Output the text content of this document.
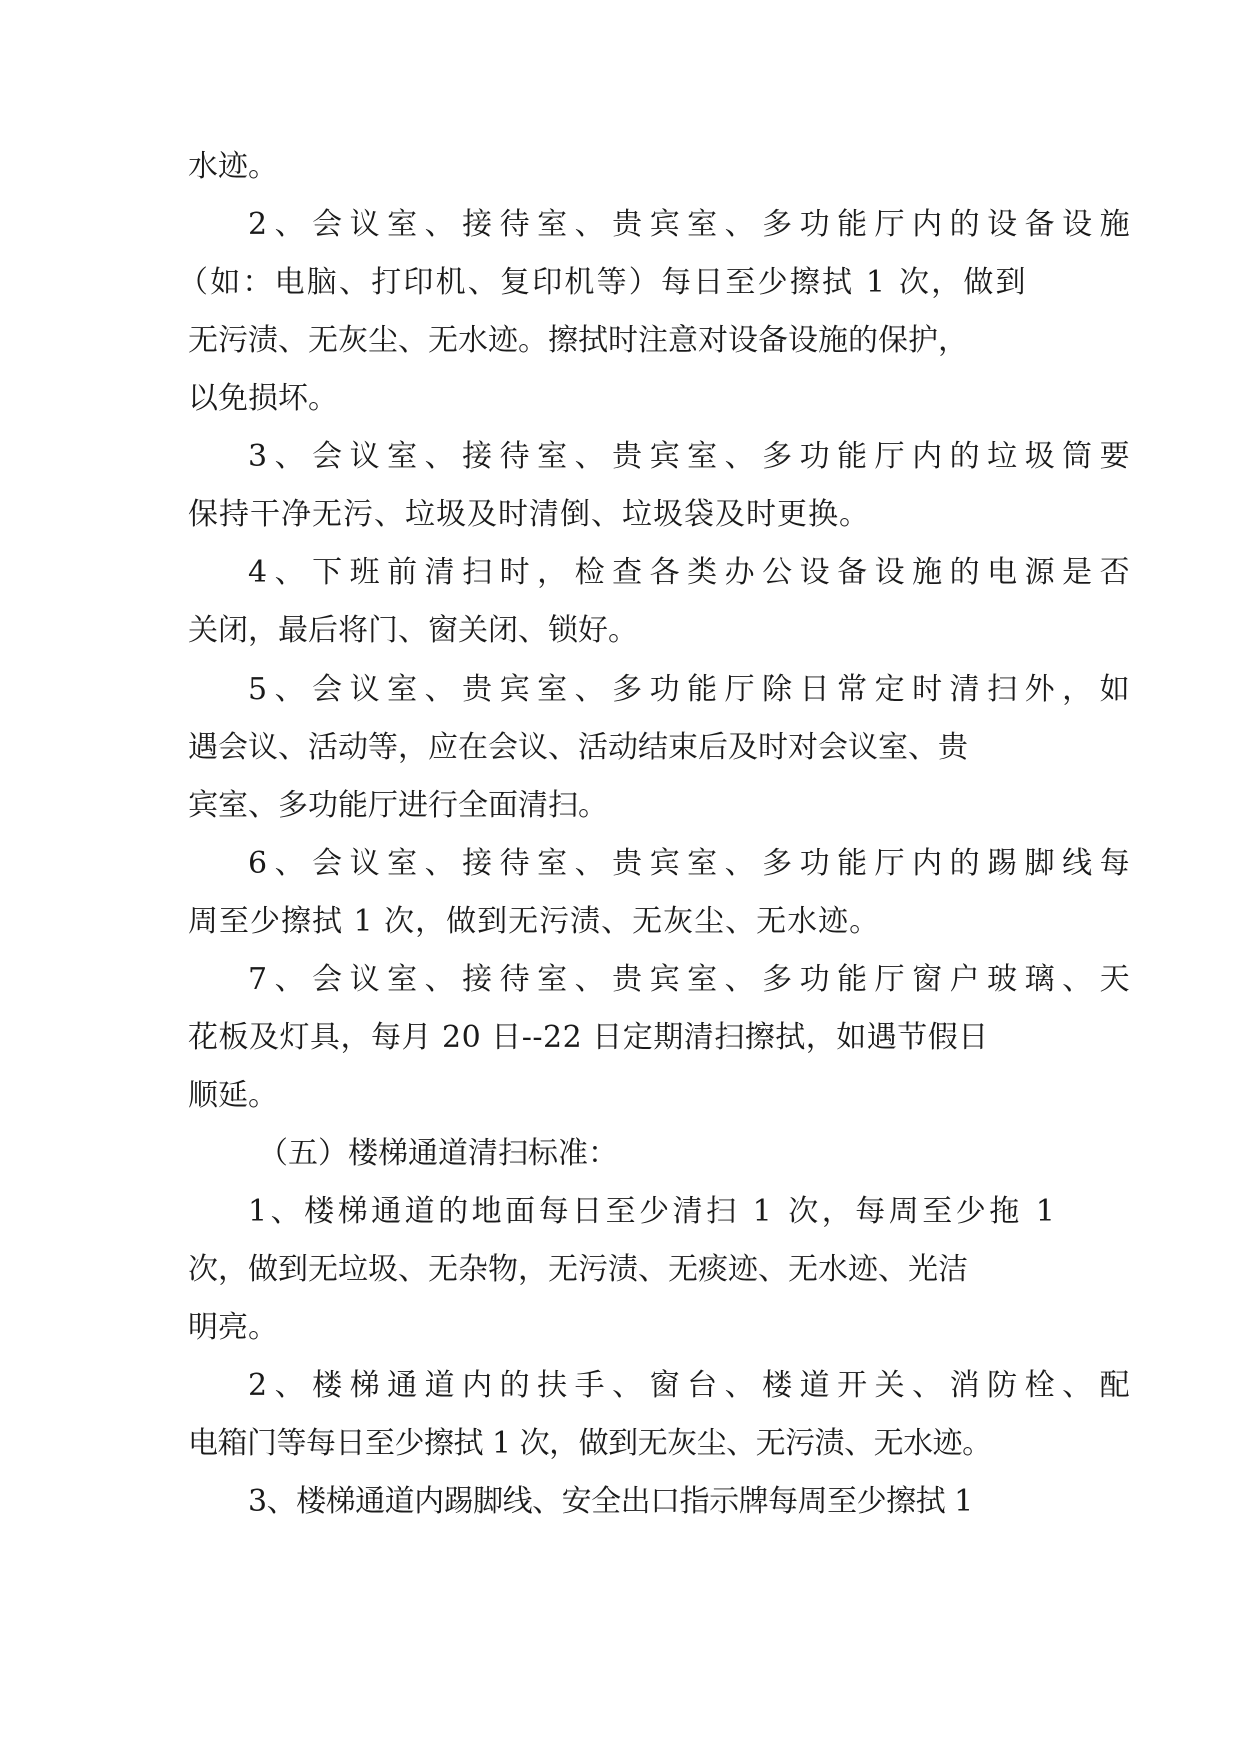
水迹。
2、会议室、接待室、贵宾室、多功能厅内的设备设施
（如：电脑、打印机、复印机等）每日至少擦拭 1 次，做到
无污渍、无灰尘、无水迹。擦拭时注意对设备设施的保护，
以免损坏。
3、会议室、接待室、贵宾室、多功能厅内的垃圾筒要
保持干净无污、垃圾及时清倒、垃圾袋及时更换。
4、下班前清扫时，检查各类办公设备设施的电源是否
关闭，最后将门、窗关闭、锁好。
5、会议室、贵宾室、多功能厅除日常定时清扫外，如
遇会议、活动等，应在会议、活动结束后及时对会议室、贵
宾室、多功能厅进行全面清扫。
6、会议室、接待室、贵宾室、多功能厅内的踢脚线每
周至少擦拭 1 次，做到无污渍、无灰尘、无水迹。
7、会议室、接待室、贵宾室、多功能厅窗户玻璃、天
花板及灯具，每月 20 日--22 日定期清扫擦拭，如遇节假日
顺延。
（五）楼梯通道清扫标准：
1、楼梯通道的地面每日至少清扫 1 次，每周至少拖 1
次，做到无垃圾、无杂物，无污渍、无痰迹、无水迹、光洁
明亮。
2、楼梯通道内的扶手、窗台、楼道开关、消防栓、配
电箱门等每日至少擦拭 1 次，做到无灰尘、无污渍、无水迹。
3、楼梯通道内踢脚线、安全出口指示牌每周至少擦拭 1
